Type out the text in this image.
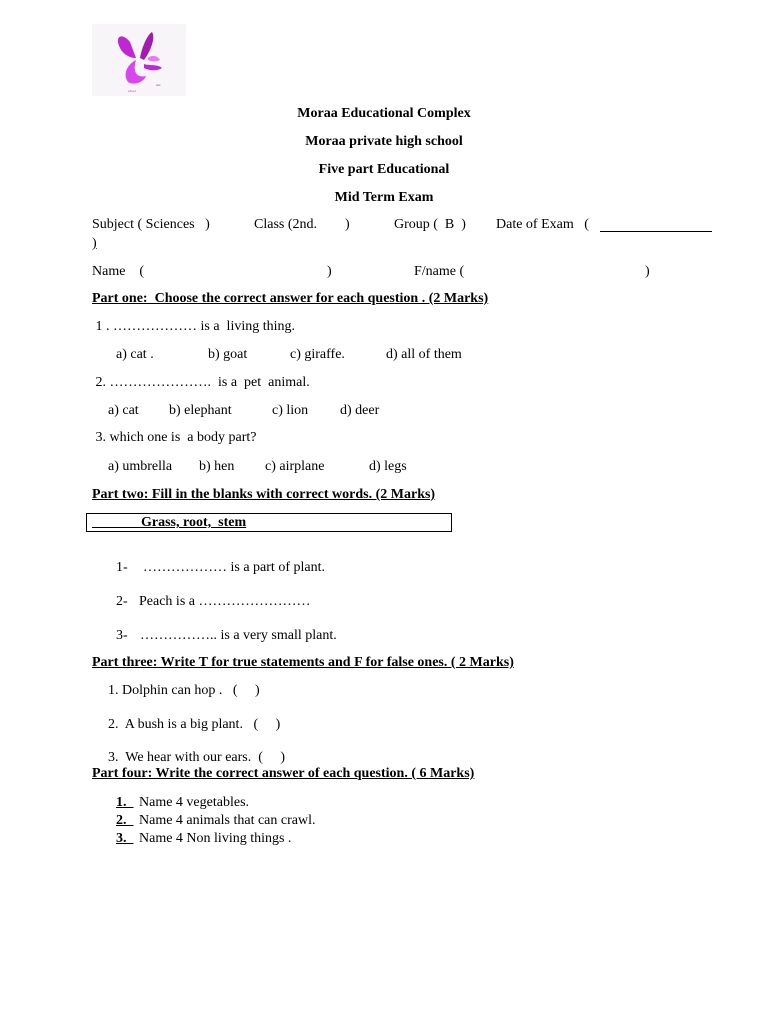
text
school
Moraa Educational Complex
Moraa private high school
Five part Educational
Mid Term Exam
Subject ( Sciences   )	Class (2nd.        )	Group (  B  ) Date of Exam   (
)
Name    (	)	F/name (	)
Part one:  Choose the correct answer for each question . (2 Marks)
1 . ……………… is a  living thing.
a) cat .	b) goat	c) giraffe.	d) all of them
2. ………………….  is a  pet  animal.
a) cat b) elephant	c) lion d) deer
3. which one is  a body part?
a) umbrella b) hen c) airplane	d) legs
Part two: Fill in the blanks with correct words. (2 Marks)
_______Grass, root,  stem
1- ……………… is a part of plant.
2- Peach is a ……………………
3- …………….. is a very small plant.
Part three: Write T for true statements and F for false ones. ( 2 Marks)
1. Dolphin can hop .   (     )
2.  A bush is a big plant.   (     )
3.  We hear with our ears.  (     )
Part four: Write the correct answer of each question. ( 6 Marks)
1. Name 4 vegetables.
2. Name 4 animals that can crawl.
3. Name 4 Non living things .
